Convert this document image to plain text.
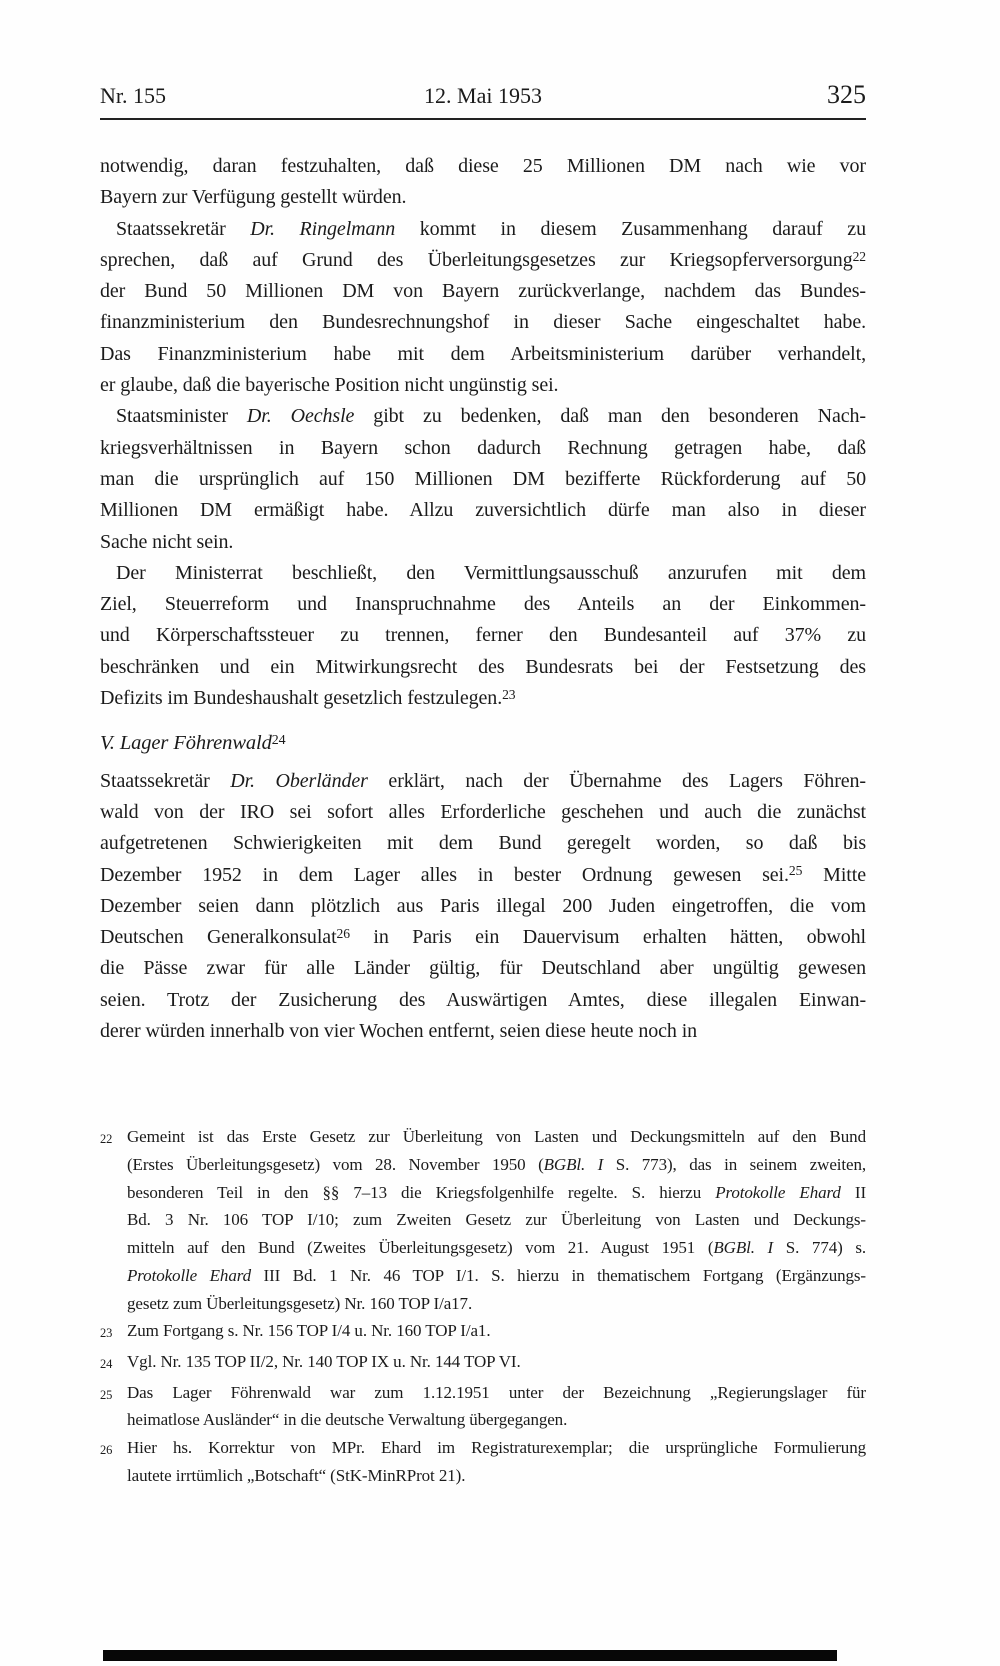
Nr. 155	12. Mai 1953	325

notwendig, daran festzuhalten, daß diese 25 Millionen DM nach wie vor
Bayern zur Verfügung gestellt würden.

Staatssekretär Dr. Ringelmann kommt in diesem Zusammenhang darauf zu
sprechen, daß auf Grund des Überleitungsgesetzes zur Kriegsopferversorgung$^{22}$
der Bund 50 Millionen DM von Bayern zurückverlange, nachdem das Bundes-
finanzministerium den Bundesrechnungshof in dieser Sache eingeschaltet habe.
Das Finanzministerium habe mit dem Arbeitsministerium darüber verhandelt,
er glaube, daß die bayerische Position nicht ungünstig sei.

Staatsminister Dr. Oechsle gibt zu bedenken, daß man den besonderen Nach-
kriegsverhältnissen in Bayern schon dadurch Rechnung getragen habe, daß
man die ursprünglich auf 150 Millionen DM bezifferte Rückforderung auf 50
Millionen DM ermäßigt habe. Allzu zuversichtlich dürfe man also in dieser
Sache nicht sein.

Der Ministerrat beschließt, den Vermittlungsausschuß anzurufen mit dem
Ziel, Steuerreform und Inanspruchnahme des Anteils an der Einkommen-
und Körperschaftssteuer zu trennen, ferner den Bundesanteil auf 37% zu
beschränken und ein Mitwirkungsrecht des Bundesrats bei der Festsetzung des
Defizits im Bundeshaushalt gesetzlich festzulegen.$^{23}$

V. Lager Föhrenwald$^{24}$

Staatssekretär Dr. Oberländer erklärt, nach der Übernahme des Lagers Föhren-
wald von der IRO sei sofort alles Erforderliche geschehen und auch die zunächst
aufgetretenen Schwierigkeiten mit dem Bund geregelt worden, so daß bis
Dezember 1952 in dem Lager alles in bester Ordnung gewesen sei.$^{25}$ Mitte
Dezember seien dann plötzlich aus Paris illegal 200 Juden eingetroffen, die vom
Deutschen Generalkonsulat$^{26}$ in Paris ein Dauervisum erhalten hätten, obwohl
die Pässe zwar für alle Länder gültig, für Deutschland aber ungültig gewesen
seien. Trotz der Zusicherung des Auswärtigen Amtes, diese illegalen Einwan-
derer würden innerhalb von vier Wochen entfernt, seien diese heute noch in

22 Gemeint ist das Erste Gesetz zur Überleitung von Lasten und Deckungsmitteln auf den Bund
(Erstes Überleitungsgesetz) vom 28. November 1950 (BGBl. I S. 773), das in seinem zweiten,
besonderen Teil in den §§ 7–13 die Kriegsfolgenhilfe regelte. S. hierzu Protokolle Ehard II
Bd. 3 Nr. 106 TOP I/10; zum Zweiten Gesetz zur Überleitung von Lasten und Deckungs-
mitteln auf den Bund (Zweites Überleitungsgesetz) vom 21. August 1951 (BGBl. I S. 774) s.
Protokolle Ehard III Bd. 1 Nr. 46 TOP I/1. S. hierzu in thematischem Fortgang (Ergänzungs-
gesetz zum Überleitungsgesetz) Nr. 160 TOP I/a17.
23 Zum Fortgang s. Nr. 156 TOP I/4 u. Nr. 160 TOP I/a1.
24 Vgl. Nr. 135 TOP II/2, Nr. 140 TOP IX u. Nr. 144 TOP VI.
25 Das Lager Föhrenwald war zum 1.12.1951 unter der Bezeichnung „Regierungslager für
heimatlose Ausländer“ in die deutsche Verwaltung übergegangen.
26 Hier hs. Korrektur von MPr. Ehard im Registraturexemplar; die ursprüngliche Formulierung
lautete irrtümlich „Botschaft“ (StK-MinRProt 21).
